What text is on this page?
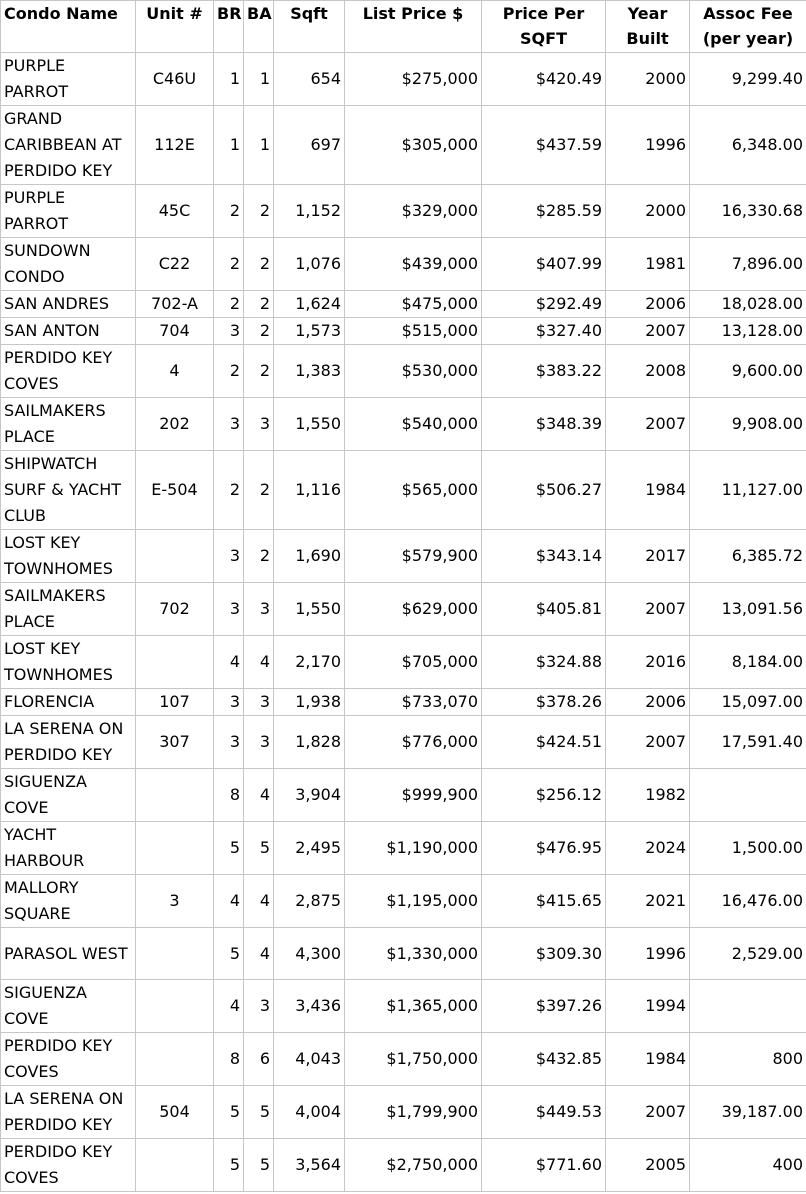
Condo Name	Unit #	BR	BA	Sqft	List Price $	Price Per SQFT	Year Built	Assoc Fee (per year)
PURPLE PARROT	C46U	1	1	654	$275,000	$420.49	2000	9,299.40
GRAND CARIBBEAN AT PERDIDO KEY	112E	1	1	697	$305,000	$437.59	1996	6,348.00
PURPLE PARROT	45C	2	2	1,152	$329,000	$285.59	2000	16,330.68
SUNDOWN CONDO	C22	2	2	1,076	$439,000	$407.99	1981	7,896.00
SAN ANDRES	702-A	2	2	1,624	$475,000	$292.49	2006	18,028.00
SAN ANTON	704	3	2	1,573	$515,000	$327.40	2007	13,128.00
PERDIDO KEY COVES	4	2	2	1,383	$530,000	$383.22	2008	9,600.00
SAILMAKERS PLACE	202	3	3	1,550	$540,000	$348.39	2007	9,908.00
SHIPWATCH SURF & YACHT CLUB	E-504	2	2	1,116	$565,000	$506.27	1984	11,127.00
LOST KEY TOWNHOMES		3	2	1,690	$579,900	$343.14	2017	6,385.72
SAILMAKERS PLACE	702	3	3	1,550	$629,000	$405.81	2007	13,091.56
LOST KEY TOWNHOMES		4	4	2,170	$705,000	$324.88	2016	8,184.00
FLORENCIA	107	3	3	1,938	$733,070	$378.26	2006	15,097.00
LA SERENA ON PERDIDO KEY	307	3	3	1,828	$776,000	$424.51	2007	17,591.40
SIGUENZA COVE		8	4	3,904	$999,900	$256.12	1982	
YACHT HARBOUR		5	5	2,495	$1,190,000	$476.95	2024	1,500.00
MALLORY SQUARE	3	4	4	2,875	$1,195,000	$415.65	2021	16,476.00
PARASOL WEST		5	4	4,300	$1,330,000	$309.30	1996	2,529.00
SIGUENZA COVE		4	3	3,436	$1,365,000	$397.26	1994	
PERDIDO KEY COVES		8	6	4,043	$1,750,000	$432.85	1984	800
LA SERENA ON PERDIDO KEY	504	5	5	4,004	$1,799,900	$449.53	2007	39,187.00
PERDIDO KEY COVES		5	5	3,564	$2,750,000	$771.60	2005	400
